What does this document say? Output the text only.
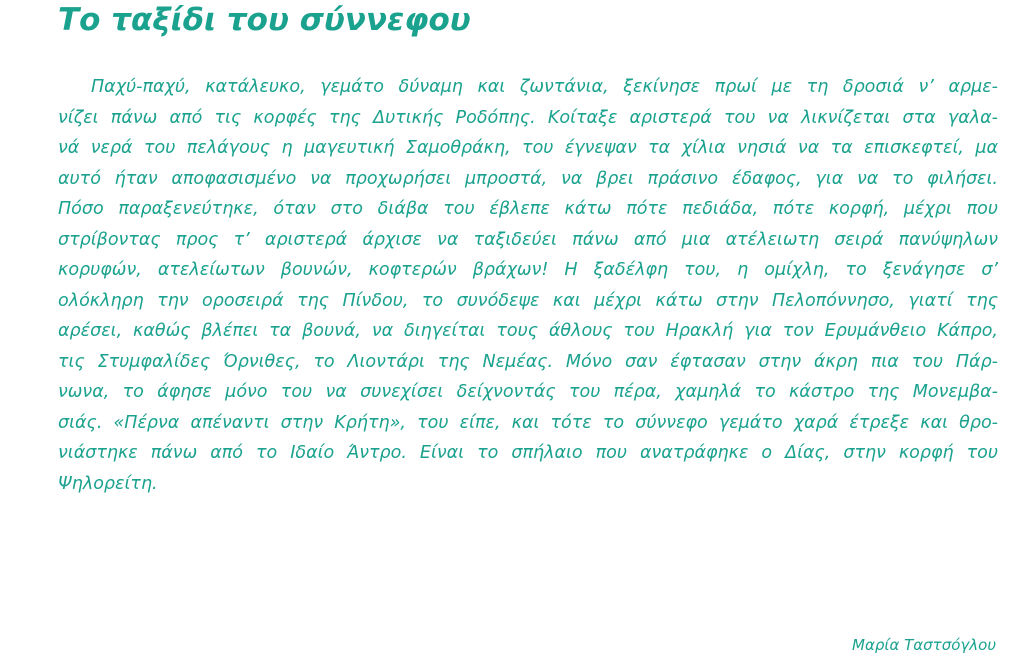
Το ταξίδι του σύννεφου
Παχύ-παχύ, κατάλευκο, γεμάτο δύναμη και ζωντάνια, ξεκίνησε πρωί με τη δροσιά ν’ αρμε-
νίζει πάνω από τις κορφές της Δυτικής Ροδόπης. Κοίταξε αριστερά του να λικνίζεται στα γαλα-
νά νερά του πελάγους η μαγευτική Σαμοθράκη, του έγνεψαν τα χίλια νησιά να τα επισκεφτεί, μα
αυτό ήταν αποφασισμένο να προχωρήσει μπροστά, να βρει πράσινο έδαφος, για να το φιλήσει.
Πόσο παραξενεύτηκε, όταν στο διάβα του έβλεπε κάτω πότε πεδιάδα, πότε κορφή, μέχρι που
στρίβοντας προς τ’ αριστερά άρχισε να ταξιδεύει πάνω από μια ατέλειωτη σειρά πανύψηλων
κορυφών, ατελείωτων βουνών, κοφτερών βράχων! Η ξαδέλφη του, η ομίχλη, το ξενάγησε σ’
ολόκληρη την οροσειρά της Πίνδου, το συνόδεψε και μέχρι κάτω στην Πελοπόννησο, γιατί της
αρέσει, καθώς βλέπει τα βουνά, να διηγείται τους άθλους του Ηρακλή για τον Ερυμάνθειο Κάπρο,
τις Στυμφαλίδες Όρνιθες, το Λιοντάρι της Νεμέας. Μόνο σαν έφτασαν στην άκρη πια του Πάρ-
νωνα, το άφησε μόνο του να συνεχίσει δείχνοντάς του πέρα, χαμηλά το κάστρο της Μονεμβα-
σιάς. «Πέρνα απέναντι στην Κρήτη», του είπε, και τότε το σύννεφο γεμάτο χαρά έτρεξε και θρο-
νιάστηκε πάνω από το Ιδαίο Άντρο. Είναι το σπήλαιο που ανατράφηκε ο Δίας, στην κορφή του
Ψηλορείτη.
Μαρία Ταστσόγλου
